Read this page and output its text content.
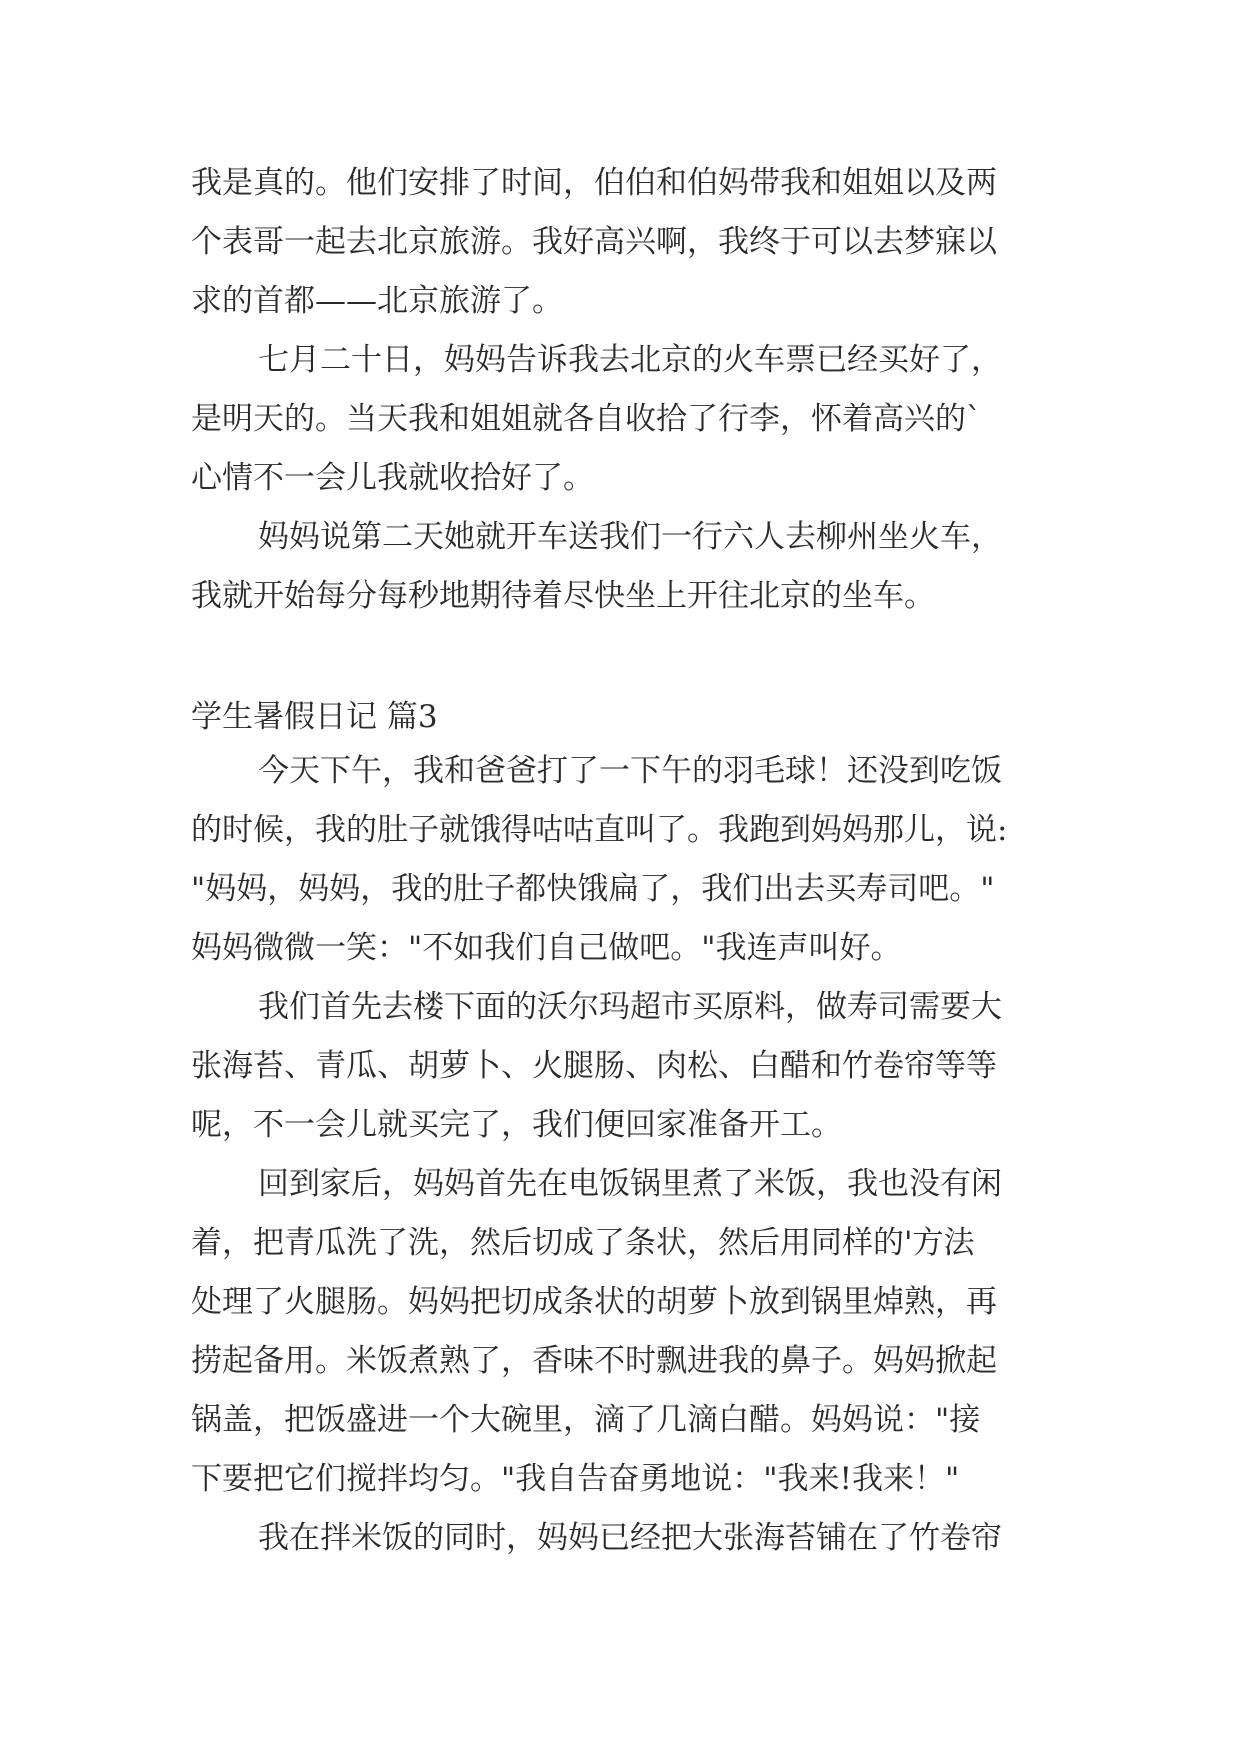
我是真的。他们安排了时间，伯伯和伯妈带我和姐姐以及两
个表哥一起去北京旅游。我好高兴啊，我终于可以去梦寐以
求的首都——北京旅游了。
七月二十日，妈妈告诉我去北京的火车票已经买好了，
是明天的。当天我和姐姐就各自收拾了行李，怀着高兴的`
心情不一会儿我就收拾好了。
妈妈说第二天她就开车送我们一行六人去柳州坐火车，
我就开始每分每秒地期待着尽快坐上开往北京的坐车。
学生暑假日记 篇3
今天下午，我和爸爸打了一下午的羽毛球！还没到吃饭
的时候，我的肚子就饿得咕咕直叫了。我跑到妈妈那儿，说:
"妈妈，妈妈，我的肚子都快饿扁了，我们出去买寿司吧。"
妈妈微微一笑："不如我们自己做吧。"我连声叫好。
我们首先去楼下面的沃尔玛超市买原料，做寿司需要大
张海苔、青瓜、胡萝卜、火腿肠、肉松、白醋和竹卷帘等等
呢，不一会儿就买完了，我们便回家准备开工。
回到家后，妈妈首先在电饭锅里煮了米饭，我也没有闲
着，把青瓜洗了洗，然后切成了条状，然后用同样的'方法
处理了火腿肠。妈妈把切成条状的胡萝卜放到锅里焯熟，再
捞起备用。米饭煮熟了，香味不时飘进我的鼻子。妈妈掀起
锅盖，把饭盛进一个大碗里，滴了几滴白醋。妈妈说："接
下要把它们搅拌均匀。"我自告奋勇地说："我来!我来！"
我在拌米饭的同时，妈妈已经把大张海苔铺在了竹卷帘
